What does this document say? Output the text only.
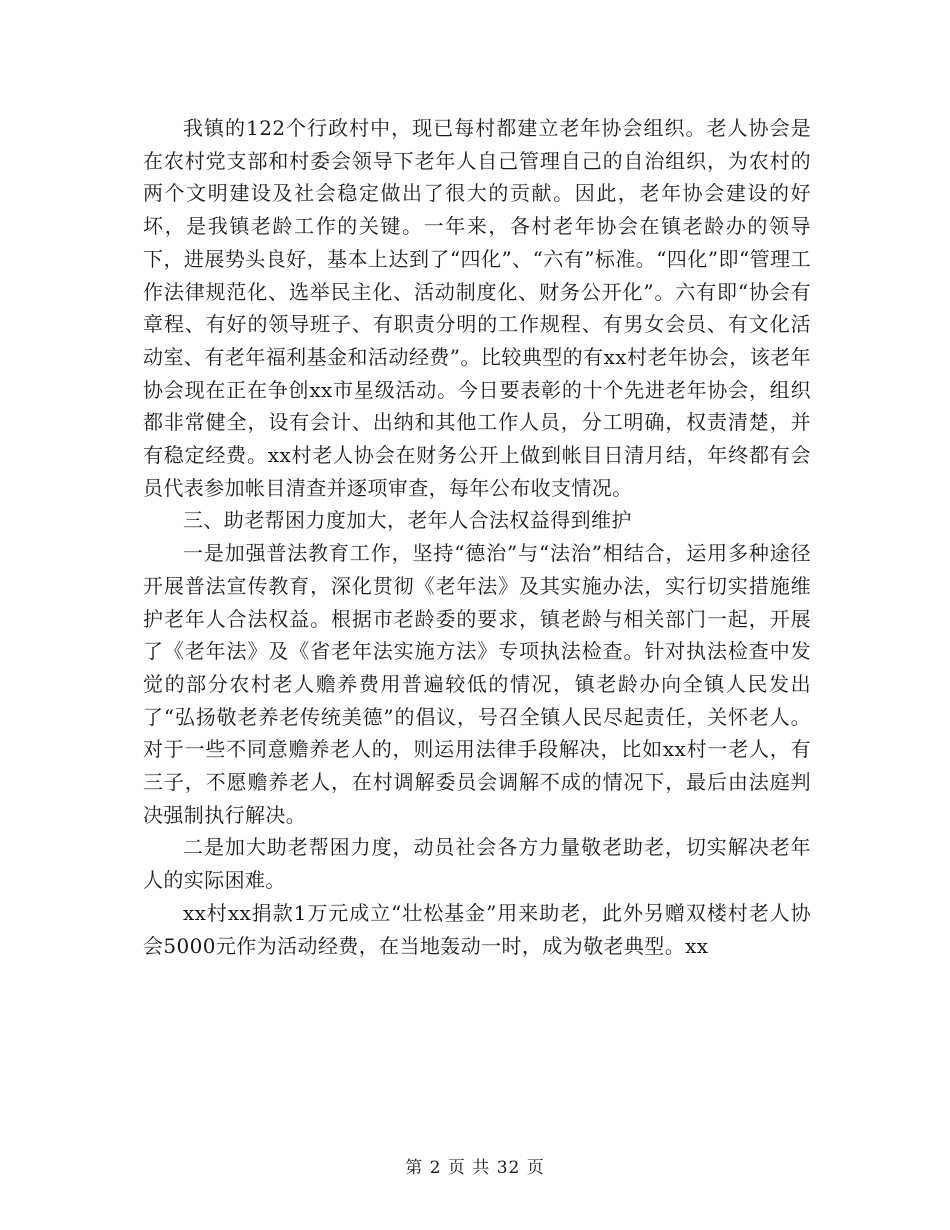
我镇的122个行政村中，现已每村都建立老年协会组织。老人协会是在农村党支部和村委会领导下老年人自己管理自己的自治组织，为农村的两个文明建设及社会稳定做出了很大的贡献。因此，老年协会建设的好坏，是我镇老龄工作的关键。一年来，各村老年协会在镇老龄办的领导下，进展势头良好，基本上达到了“四化”、“六有”标准。“四化”即“管理工作法律规范化、选举民主化、活动制度化、财务公开化”。六有即“协会有章程、有好的领导班子、有职责分明的工作规程、有男女会员、有文化活动室、有老年福利基金和活动经费”。比较典型的有xx村老年协会，该老年协会现在正在争创xx市星级活动。今日要表彰的十个先进老年协会，组织都非常健全，设有会计、出纳和其他工作人员，分工明确，权责清楚，并有稳定经费。xx村老人协会在财务公开上做到帐目日清月结，年终都有会员代表参加帐目清查并逐项审查，每年公布收支情况。

三、助老帮困力度加大，老年人合法权益得到维护

一是加强普法教育工作，坚持“德治”与“法治”相结合，运用多种途径开展普法宣传教育，深化贯彻《老年法》及其实施办法，实行切实措施维护老年人合法权益。根据市老龄委的要求，镇老龄与相关部门一起，开展了《老年法》及《省老年法实施方法》专项执法检查。针对执法检查中发觉的部分农村老人赡养费用普遍较低的情况，镇老龄办向全镇人民发出了“弘扬敬老养老传统美德”的倡议，号召全镇人民尽起责任，关怀老人。对于一些不同意赡养老人的，则运用法律手段解决，比如xx村一老人，有三子，不愿赡养老人，在村调解委员会调解不成的情况下，最后由法庭判决强制执行解决。

二是加大助老帮困力度，动员社会各方力量敬老助老，切实解决老年人的实际困难。

xx村xx捐款1万元成立“壮松基金”用来助老，此外另赠双楼村老人协会5000元作为活动经费，在当地轰动一时，成为敬老典型。xx

第 2 页 共 32 页
